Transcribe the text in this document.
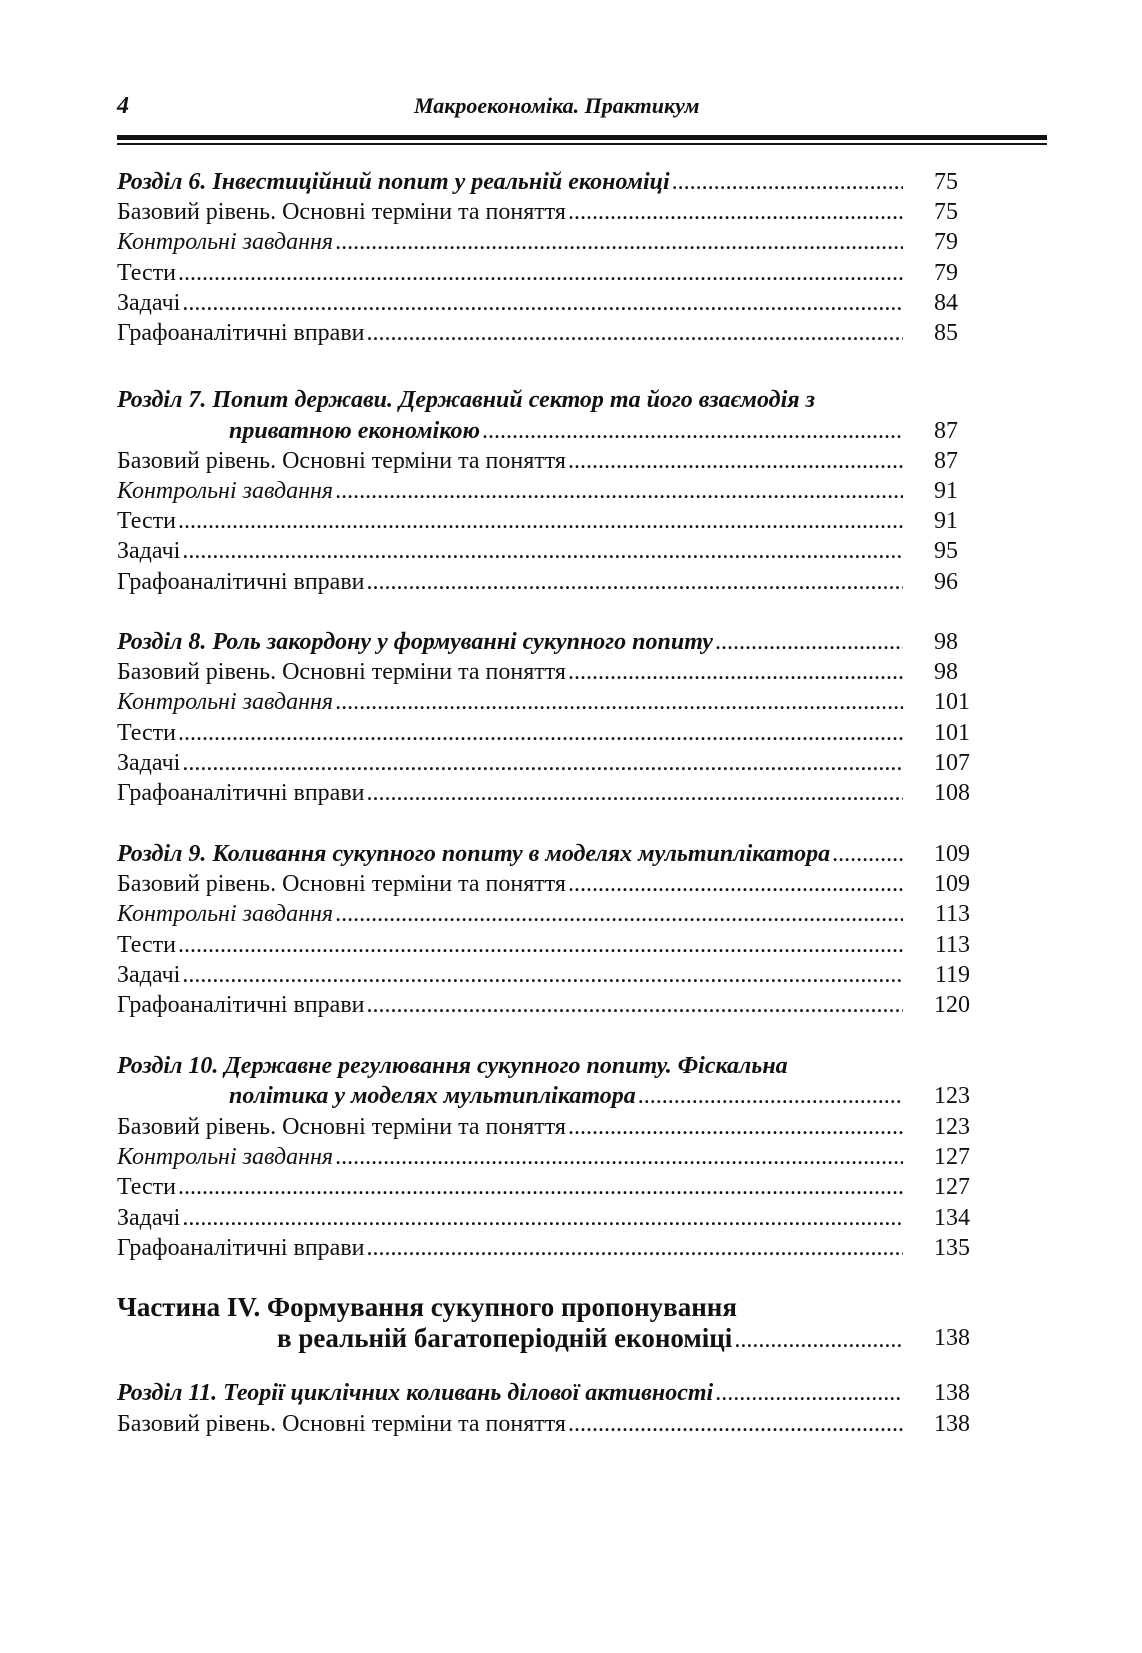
4	Макроекономіка. Практикум
Розділ 6. Інвестиційний попит у реальній економіці .....	75
Базовий рівень. Основні терміни та поняття .....	75
Контрольні завдання .....	79
Тести .....	79
Задачі .....	84
Графоаналітичні вправи .....	85
Розділ 7. Попит держави. Державний сектор та його взаємодія з
приватною економікою .....	87
Базовий рівень. Основні терміни та поняття .....	87
Контрольні завдання .....	91
Тести .....	91
Задачі .....	95
Графоаналітичні вправи .....	96
Розділ 8. Роль закордону у формуванні сукупного попиту .....	98
Базовий рівень. Основні терміни та поняття .....	98
Контрольні завдання .....	101
Тести .....	101
Задачі .....	107
Графоаналітичні вправи .....	108
Розділ 9. Коливання сукупного попиту в моделях мультиплікатора .....	109
Базовий рівень. Основні терміни та поняття .....	109
Контрольні завдання .....	113
Тести .....	113
Задачі .....	119
Графоаналітичні вправи .....	120
Розділ 10. Державне регулювання сукупного попиту. Фіскальна
політика у моделях мультиплікатора .....	123
Базовий рівень. Основні терміни та поняття .....	123
Контрольні завдання .....	127
Тести .....	127
Задачі .....	134
Графоаналітичні вправи .....	135
Частина IV. Формування сукупного пропонування
в реальній багатоперіодній економіці .....	138
Розділ 11. Теорії циклічних коливань ділової активності .....	138
Базовий рівень. Основні терміни та поняття .....	138
